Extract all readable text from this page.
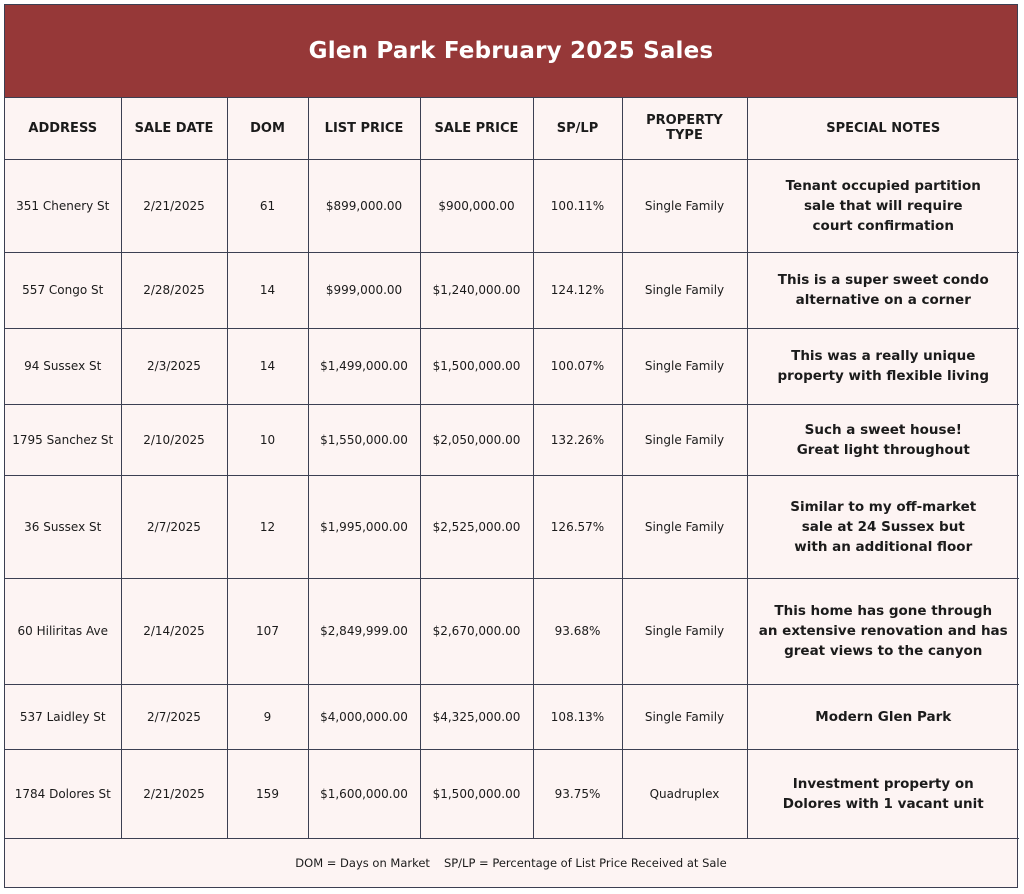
Glen Park February 2025 Sales
ADDRESS	SALE DATE	DOM	LIST PRICE	SALE PRICE	SP/LP	PROPERTY TYPE	SPECIAL NOTES
351 Chenery St	2/21/2025	61	$899,000.00	$900,000.00	100.11%	Single Family	Tenant occupied partition
sale that will require
court confirmation

557 Congo St	2/28/2025	14	$999,000.00	$1,240,000.00	124.12%	Single Family	This is a super sweet condo
alternative on a corner

94 Sussex St	2/3/2025	14	$1,499,000.00	$1,500,000.00	100.07%	Single Family	This was a really unique
property with flexible living

1795 Sanchez St	2/10/2025	10	$1,550,000.00	$2,050,000.00	132.26%	Single Family	Such a sweet house!
Great light throughout

36 Sussex St	2/7/2025	12	$1,995,000.00	$2,525,000.00	126.57%	Single Family	Similar to my off-market
sale at 24 Sussex but
with an additional floor

60 Hiliritas Ave	2/14/2025	107	$2,849,999.00	$2,670,000.00	93.68%	Single Family	This home has gone through
an extensive renovation and has
great views to the canyon

537 Laidley St	2/7/2025	9	$4,000,000.00	$4,325,000.00	108.13%	Single Family	Modern Glen Park

1784 Dolores St	2/21/2025	159	$1,600,000.00	$1,500,000.00	93.75%	Quadruplex	Investment property on
Dolores with 1 vacant unit
DOM = Days on Market SP/LP = Percentage of List Price Received at Sale
